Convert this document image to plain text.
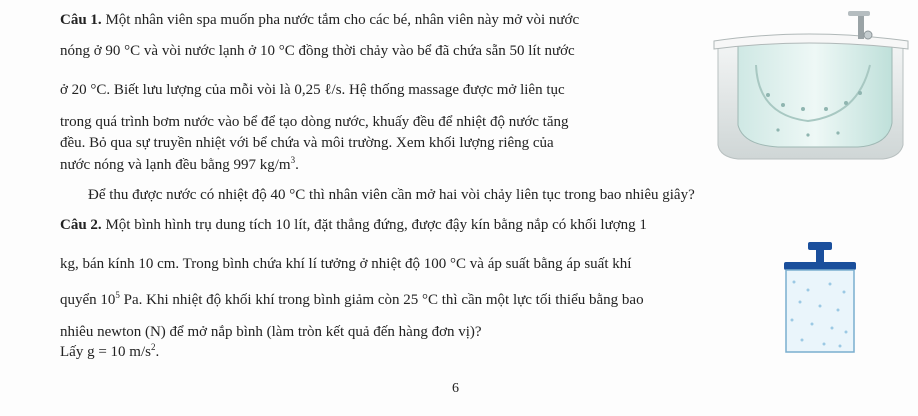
Câu 1. Một nhân viên spa muốn pha nước tắm cho các bé, nhân viên này mở vòi nước
nóng ở 90 °C và vòi nước lạnh ở 10 °C đồng thời chảy vào bể đã chứa sẵn 50 lít nước
ở 20 °C. Biết lưu lượng của mỗi vòi là 0,25 ℓ/s. Hệ thống massage được mở liên tục
trong quá trình bơm nước vào bể để tạo dòng nước, khuấy đều để nhiệt độ nước tăng
đều. Bỏ qua sự truyền nhiệt với bể chứa và môi trường. Xem khối lượng riêng của
nước nóng và lạnh đều bằng 997 $kg/m^3$.
Để thu được nước có nhiệt độ 40 °C thì nhân viên cần mở hai vòi chảy liên tục trong bao nhiêu giây?
Câu 2. Một bình hình trụ dung tích 10 lít, đặt thẳng đứng, được đậy kín bằng nắp có khối lượng 1
kg, bán kính 10 cm. Trong bình chứa khí lí tưởng ở nhiệt độ 100 °C và áp suất bằng áp suất khí
quyển $10^5$ Pa. Khi nhiệt độ khối khí trong bình giảm còn 25 °C thì cần một lực tối thiểu bằng bao
nhiêu newton (N) để mở nắp bình (làm tròn kết quả đến hàng đơn vị)?
Lấy g = 10 $m/s^2$.
6
